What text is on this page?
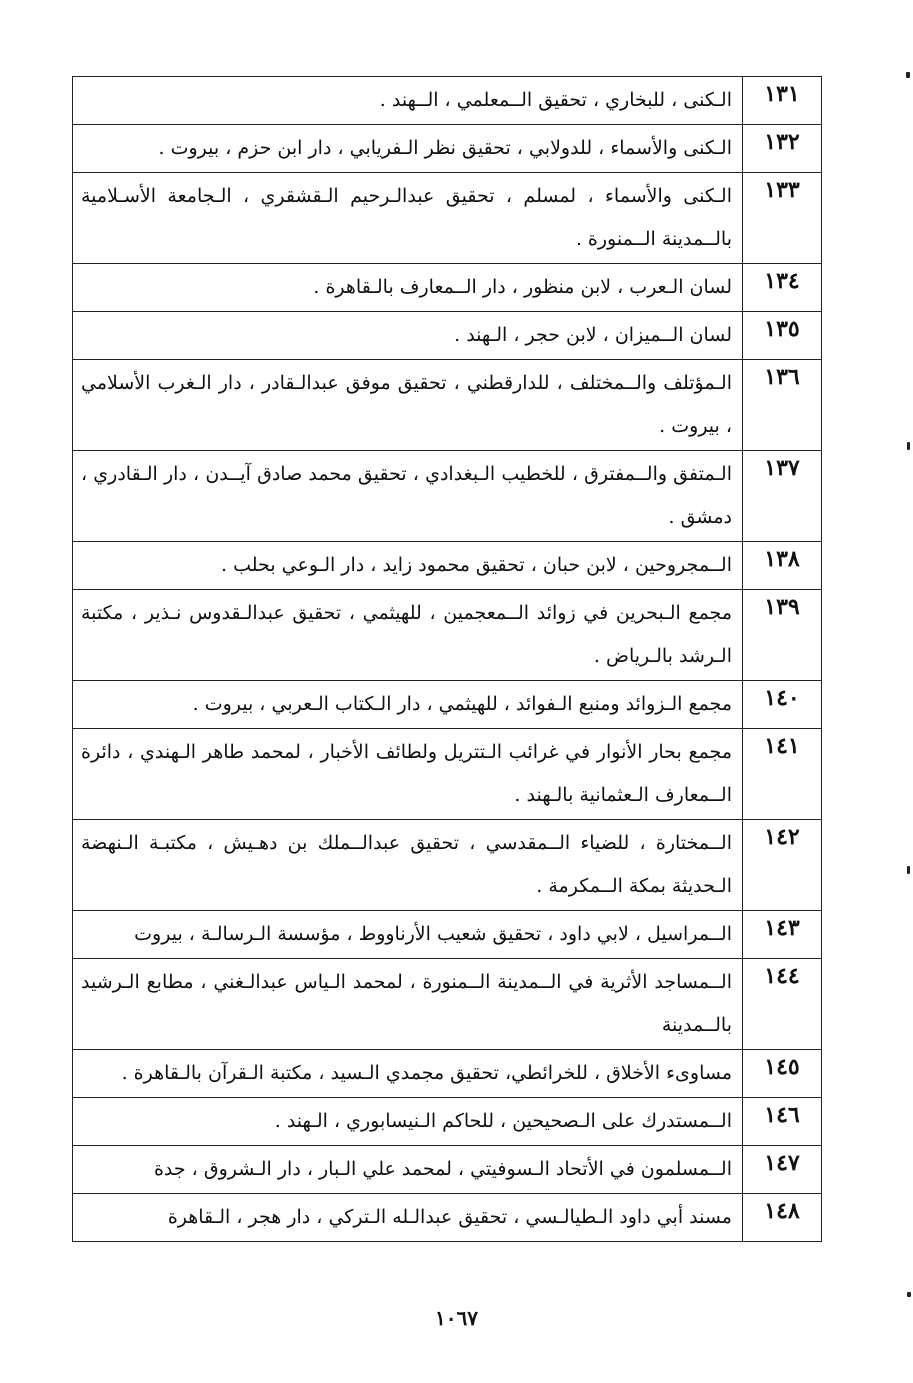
١٣١	الـكنى ، للبخاري ، تحقيق الــمعلمي ، الــهند .
١٣٢	الـكنى والأسماء ، للدولابي ، تحقيق نظر الـفريابي ، دار ابن حزم ، بيروت .
١٣٣	الـكنى والأسماء ، لمسلم ، تحقيق عبدالـرحيم الـقشقري ، الـجامعة الأسـلامية بالــمدينة الــمنورة .
١٣٤	لسان الـعرب ، لابن منظور ، دار الــمعارف بالـقاهرة .
١٣٥	لسان الــميزان ، لابن حجر ، الـهند .
١٣٦	الـمؤتلف والــمختلف ، للدارقطني ، تحقيق موفق عبدالـقادر ، دار الـغرب الأسلامي ، بيروت .
١٣٧	الـمتفق والــمفترق ، للخطيب الـبغدادي ، تحقيق محمد صادق آيــدن ، دار الـقادري ، دمشق .
١٣٨	الــمجروحين ، لابن حبان ، تحقيق محمود زايد ، دار الـوعي بحلب .
١٣٩	مجمع الـبحرين في زوائد الــمعجمين ، للهيثمي ، تحقيق عبدالـقدوس نـذير ، مكتبة الـرشد بالـرياض .
١٤٠	مجمع الـزوائد ومنبع الـفوائد ، للهيثمي ، دار الـكتاب الـعربي ، بيروت .
١٤١	مجمع بحار الأنوار في غرائب الـتتريل ولطائف الأخبار ، لمحمد طاهر الـهندي ، دائرة الــمعارف الـعثمانية بالـهند .
١٤٢	الــمختارة ، للضياء الــمقدسي ، تحقيق عبدالــملك بن دهـيش ، مكتبـة الـنهضة الـحديثة بمكة الــمكرمة .
١٤٣	الــمراسيل ، لابي داود ، تحقيق شعيب الأرناووط ، مؤسسة الـرسالـة ، بيروت
١٤٤	الــمساجد الأثرية في الــمدينة الــمنورة ، لمحمد الـياس عبدالـغني ، مطابع الـرشيد بالــمدينة
١٤٥	مساوىء الأخلاق ، للخرائطي، تحقيق مجمدي الـسيد ، مكتبة الـقرآن بالـقاهرة .
١٤٦	الــمستدرك على الـصحيحين ، للحاكم الـنيسابوري ، الـهند .
١٤٧	الــمسلمون في الأتحاد الـسوفيتي ، لمحمد علي الـبار ، دار الـشروق ، جدة
١٤٨	مسند أبي داود الـطيالـسي ، تحقيق عبدالـله الـتركي ، دار هجر ، الـقاهرة
١٠٦٧
